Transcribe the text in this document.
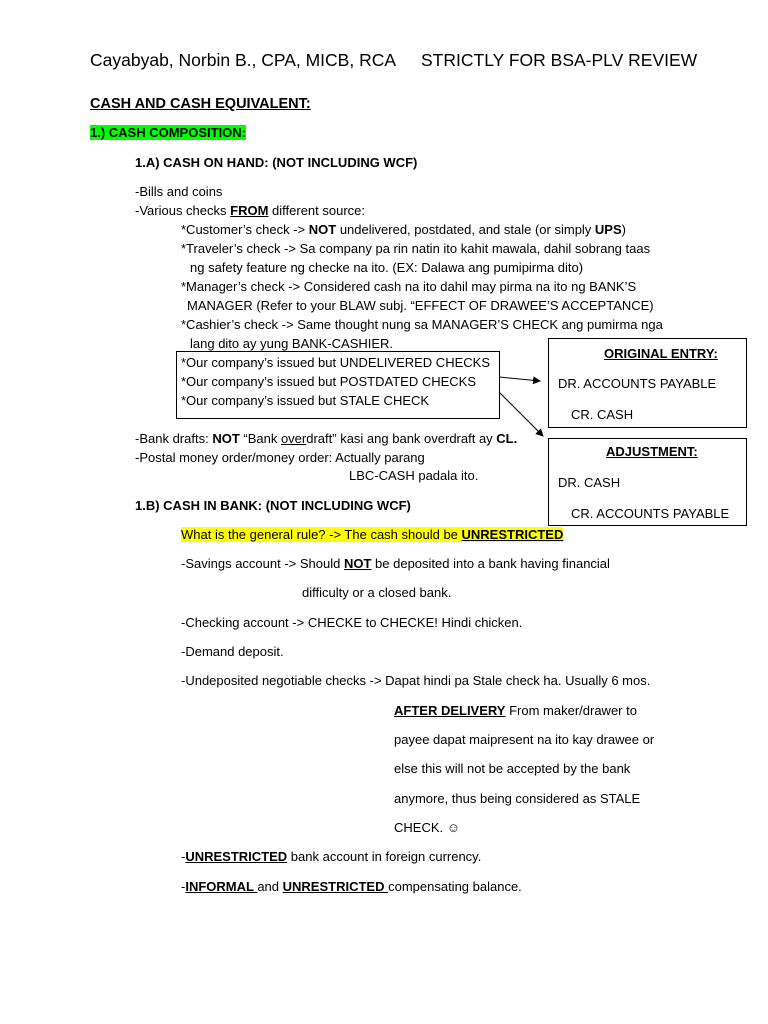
Cayabyab, Norbin B., CPA, MICB, RCA STRICTLY FOR BSA-PLV REVIEW
CASH AND CASH EQUIVALENT:
1.) CASH COMPOSITION:
1.A) CASH ON HAND: (NOT INCLUDING WCF)
-Bills and coins
-Various checks FROM different source:
*Customer’s check -> NOT undelivered, postdated, and stale (or simply UPS)
*Traveler’s check -> Sa company pa rin natin ito kahit mawala, dahil sobrang taas
ng safety feature ng checke na ito. (EX: Dalawa ang pumipirma dito)
*Manager’s check -> Considered cash na ito dahil may pirma na ito ng BANK’S
MANAGER (Refer to your BLAW subj. “EFFECT OF DRAWEE’S ACCEPTANCE)
*Cashier’s check -> Same thought nung sa MANAGER’S CHECK ang pumirma nga
lang dito ay yung BANK-CASHIER.
*Our company’s issued but UNDELIVERED CHECKS
*Our company’s issued but POSTDATED CHECKS
*Our company’s issued but STALE CHECK
ORIGINAL ENTRY:
DR. ACCOUNTS PAYABLE
CR. CASH
ADJUSTMENT:
DR. CASH
CR. ACCOUNTS PAYABLE
-Bank drafts: NOT “Bank overdraft” kasi ang bank overdraft ay CL.
-Postal money order/money order: Actually parang
LBC-CASH padala ito.
1.B) CASH IN BANK: (NOT INCLUDING WCF)
What is the general rule? -> The cash should be UNRESTRICTED
-Savings account -> Should NOT be deposited into a bank having financial
difficulty or a closed bank.
-Checking account -> CHECKE to CHECKE! Hindi chicken.
-Demand deposit.
-Undeposited negotiable checks -> Dapat hindi pa Stale check ha. Usually 6 mos.
AFTER DELIVERY From maker/drawer to
payee dapat maipresent na ito kay drawee or
else this will not be accepted by the bank
anymore, thus being considered as STALE
CHECK. ☺
-UNRESTRICTED bank account in foreign currency.
-INFORMAL and UNRESTRICTED compensating balance.
